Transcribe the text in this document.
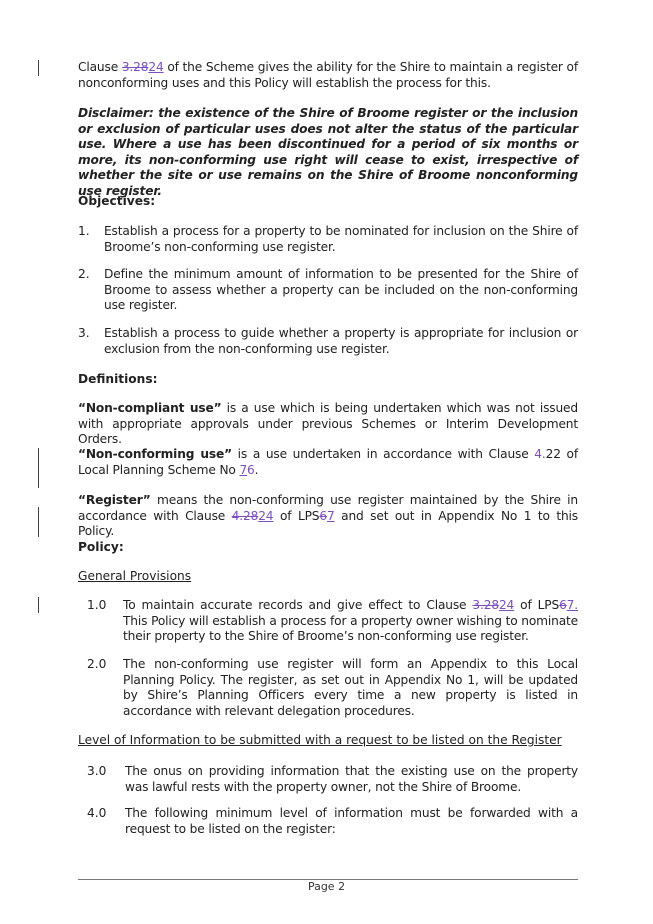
Clause 3.2824 of the Scheme gives the ability for the Shire to maintain a register of nonconforming uses and this Policy will establish the process for this.
Disclaimer: the existence of the Shire of Broome register or the inclusion or exclusion of particular uses does not alter the status of the particular use. Where a use has been discontinued for a period of six months or more, its non-conforming use right will cease to exist, irrespective of whether the site or use remains on the Shire of Broome nonconforming use register.
Objectives:
1. Establish a process for a property to be nominated for inclusion on the Shire of Broome’s non-conforming use register.
2. Define the minimum amount of information to be presented for the Shire of Broome to assess whether a property can be included on the non-conforming use register.
3. Establish a process to guide whether a property is appropriate for inclusion or exclusion from the non-conforming use register.
Definitions:
“Non-compliant use” is a use which is being undertaken which was not issued with appropriate approvals under previous Schemes or Interim Development Orders.
“Non-conforming use” is a use undertaken in accordance with Clause 4.22 of Local Planning Scheme No 76.
“Register” means the non-conforming use register maintained by the Shire in accordance with Clause 4.2824 of LPS67 and set out in Appendix No 1 to this Policy.
Policy:
General Provisions
1.0 To maintain accurate records and give effect to Clause 3.2824 of LPS67. This Policy will establish a process for a property owner wishing to nominate their property to the Shire of Broome’s non-conforming use register.
2.0 The non-conforming use register will form an Appendix to this Local Planning Policy. The register, as set out in Appendix No 1, will be updated by Shire’s Planning Officers every time a new property is listed in accordance with relevant delegation procedures.
Level of Information to be submitted with a request to be listed on the Register
3.0 The onus on providing information that the existing use on the property was lawful rests with the property owner, not the Shire of Broome.
4.0 The following minimum level of information must be forwarded with a request to be listed on the register:
Page 2
